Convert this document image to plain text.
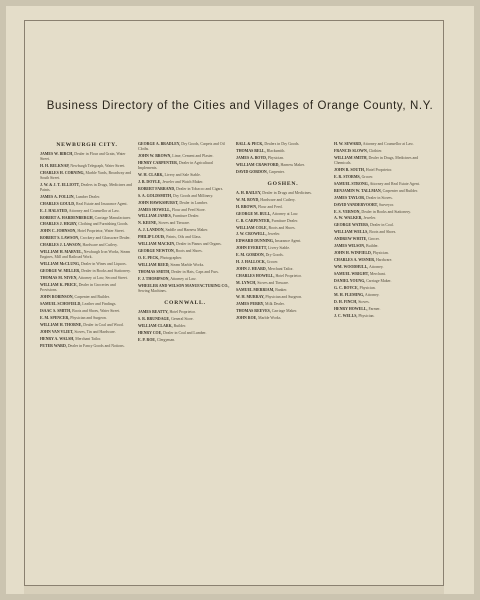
Business Directory of the Cities and Villages of Orange County, N.Y.
NEWBURGH CITY.
JAMES W. BIRCH, Dealer in Flour and Grain, Water Street.
H. H. BELKNAP, Newburgh Telegraph, Water Street.
CHARLES H. CORNING, Marble Yards, Broadway and South Street.
J. W. & J. T. ELLIOTT, Dealers in Drugs, Medicines and Paints.
JAMES A. FOLLIN, Lumber Dealer.
CHARLES GOULD, Real Estate and Insurance Agent.
E. J. HALSTED, Attorney and Counsellor at Law.
ROBERT A. HARDENBERGH, Carriage Manufacturer.
CHARLES J. HIGBY, Clothing and Furnishing Goods.
JOHN C. JOHNSON, Hotel Proprietor, Water Street.
ROBERT S. LAWSON, Crockery and Glassware Dealer.
CHARLES J. LAWSON, Hardware and Cutlery.
WILLIAM H. MARVEL, Newburgh Iron Works, Steam Engines, Mill and Railroad Work.
WILLIAM McCLUNG, Dealer in Wines and Liquors.
GEORGE W. MILLER, Dealer in Books and Stationery.
THOMAS M. NIVEN, Attorney at Law, Second Street.
WILLIAM K. PRICE, Dealer in Groceries and Provisions.
JOHN ROBINSON, Carpenter and Builder.
SAMUEL SCHOFIELD, Leather and Findings.
ISAAC S. SMITH, Boots and Shoes, Water Street.
E. M. SPENCER, Physician and Surgeon.
WILLIAM H. THORNE, Dealer in Coal and Wood.
JOHN VAN VLIET, Stoves, Tin and Hardware.
HENRY A. WALSH, Merchant Tailor.
PETER WARD, Dealer in Fancy Goods and Notions.
GEORGE A. BRADLEY, Dry Goods, Carpets and Oil Cloths.
JOHN W. BROWN, Lime, Cement and Plaster.
HENRY CARPENTER, Dealer in Agricultural Implements.
W. H. CLARK, Livery and Sale Stable.
J. B. DOYLE, Jeweler and Watch Maker.
ROBERT FARRAND, Dealer in Tobacco and Cigars.
S. A. GOLDSMITH, Dry Goods and Millinery.
JOHN HAWKSHURST, Dealer in Lumber.
JAMES HOWELL, Flour and Feed Store.
WILLIAM JAMES, Furniture Dealer.
N. KEENE, Stoves and Tinware.
A. J. LANDON, Saddle and Harness Maker.
PHILIP LOUIS, Paints, Oils and Glass.
WILLIAM MACKIN, Dealer in Pianos and Organs.
GEORGE NEWTON, Boots and Shoes.
O. E. PECK, Photographer.
WILLIAM REED, Steam Marble Works.
THOMAS SMITH, Dealer in Hats, Caps and Furs.
F. J. THOMPSON, Attorney at Law.
WHEELER AND WILSON MANUFACTURING CO., Sewing Machines.
CORNWALL.
JAMES BEATTY, Hotel Proprietor.
S. R. BRUNDAGE, General Store.
WILLIAM CLARK, Builder.
HENRY COE, Dealer in Coal and Lumber.
E. P. ROE, Clergyman.
BALL & PECK, Dealers in Dry Goods.
THOMAS BELL, Blacksmith.
JAMES A. BOYD, Physician.
WILLIAM CRAWFORD, Harness Maker.
DAVID GORDON, Carpenter.
GOSHEN.
A. H. BAILEY, Dealer in Drugs and Medicines.
W. M. BOYD, Hardware and Cutlery.
H. BROWN, Flour and Feed.
GEORGE M. BULL, Attorney at Law.
C. B. CARPENTER, Furniture Dealer.
WILLIAM COLE, Boots and Shoes.
J. W. CROWELL, Jeweler.
EDWARD DUNNING, Insurance Agent.
JOHN EVERETT, Livery Stable.
E. M. GORDON, Dry Goods.
H. J. HALLOCK, Grocer.
JOHN J. HEARD, Merchant Tailor.
CHARLES HOWELL, Hotel Proprietor.
M. LYNCH, Stoves and Tinware.
SAMUEL MERRIAM, Banker.
W. H. MURRAY, Physician and Surgeon.
JAMES PERRY, Milk Dealer.
THOMAS REEVES, Carriage Maker.
JOHN ROE, Marble Works.
H. W. SEWARD, Attorney and Counsellor at Law.
FRANCIS SLOWN, Clothier.
WILLIAM SMITH, Dealer in Drugs, Medicines and Chemicals.
JOHN B. SOUTH, Hotel Proprietor.
E. R. STORMS, Grocer.
SAMUEL STRONG, Attorney and Real Estate Agent.
BENJAMIN W. TALLMAN, Carpenter and Builder.
JAMES TAYLOR, Dealer in Stoves.
DAVID VANDERVOORT, Surveyor.
E. S. VERNON, Dealer in Books and Stationery.
A. W. WALKER, Jeweler.
GEORGE WATERS, Dealer in Coal.
WILLIAM WELLS, Boots and Shoes.
ANDREW WHITE, Grocer.
JAMES WILSON, Builder.
JOHN H. WINFIELD, Physician.
CHARLES A. WISNER, Hardware.
WM. WOODHULL, Attorney.
SAMUEL WRIGHT, Merchant.
DANIEL YOUNG, Carriage Maker.
G. C. BOYCE, Physician.
M. H. FLEMING, Attorney.
D. H. FINCH, Stoves.
HENRY HOWELL, Farmer.
J. C. WELLS, Physician.
